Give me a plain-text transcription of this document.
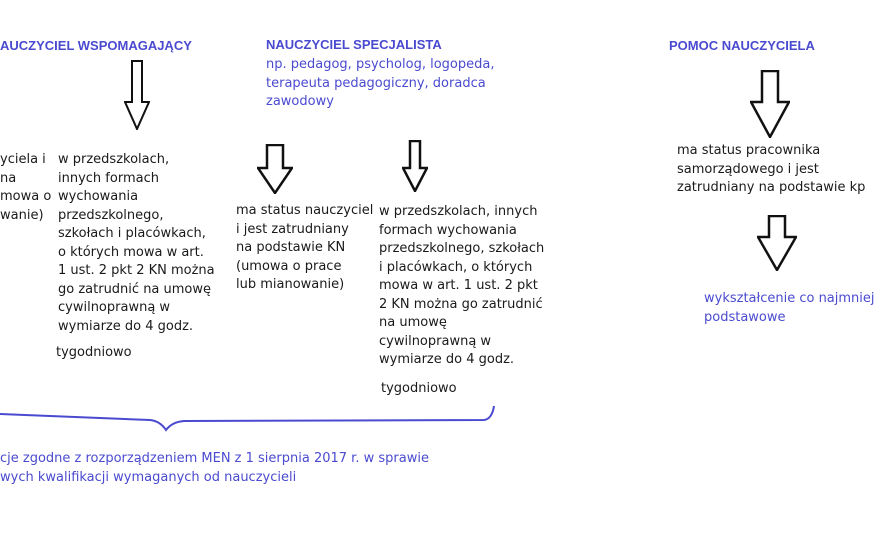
AUCZYCIEL WSPOMAGAJĄCY	NAUCZYCIEL SPECJALISTA	POMOC NAUCZYCIELA
np. pedagog, psycholog, logopeda,
terapeuta pedagogiczny, doradca
zawodowy
yciela i
na
mowa o
wanie)
w przedszkolach,
innych formach
wychowania
przedszkolnego,
szkołach i placówkach,
o których mowa w art.
1 ust. 2 pkt 2 KN można
go zatrudnić na umowę
cywilnoprawną w
wymiarze do 4 godz.
tygodniowo
ma status nauczyciel
i jest zatrudniany
na podstawie KN
(umowa o prace
lub mianowanie)
w przedszkolach, innych
formach wychowania
przedszkolnego, szkołach
i placówkach, o których
mowa w art. 1 ust. 2 pkt
2 KN można go zatrudnić
na umowę
cywilnoprawną w
wymiarze do 4 godz.
tygodniowo
ma status pracownika
samorządowego i jest
zatrudniany na podstawie kp
wykształcenie co najmniej
podstawowe
cje zgodne z rozporządzeniem MEN z 1 sierpnia 2017 r. w sprawie
wych kwalifikacji wymaganych od nauczycieli
